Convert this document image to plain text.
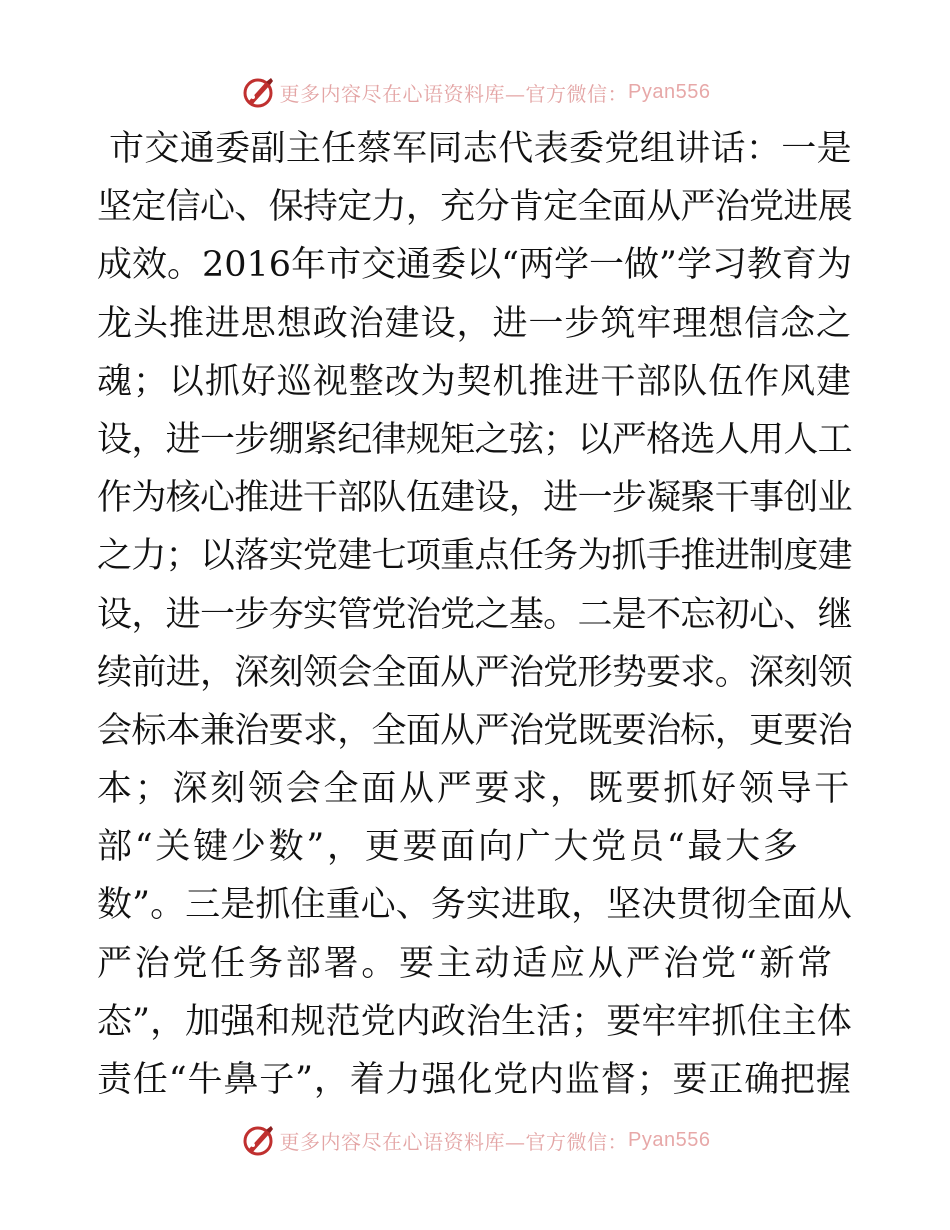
更多内容尽在心语资料库—官方微信： Pyan556
市交通委副主任蔡军同志代表委党组讲话：一是
坚定信心、保持定力，充分肯定全面从严治党进展
成效。2016年市交通委以“两学一做”学习教育为
龙头推进思想政治建设，进一步筑牢理想信念之
魂；以抓好巡视整改为契机推进干部队伍作风建
设，进一步绷紧纪律规矩之弦；以严格选人用人工
作为核心推进干部队伍建设，进一步凝聚干事创业
之力；以落实党建七项重点任务为抓手推进制度建
设，进一步夯实管党治党之基。二是不忘初心、继
续前进，深刻领会全面从严治党形势要求。深刻领
会标本兼治要求，全面从严治党既要治标，更要治
本；深刻领会全面从严要求，既要抓好领导干
部“关键少数”，更要面向广大党员“最大多
数”。三是抓住重心、务实进取，坚决贯彻全面从
严治党任务部署。要主动适应从严治党“新常
态”，加强和规范党内政治生活；要牢牢抓住主体
责任“牛鼻子”，着力强化党内监督；要正确把握
更多内容尽在心语资料库—官方微信： Pyan556
